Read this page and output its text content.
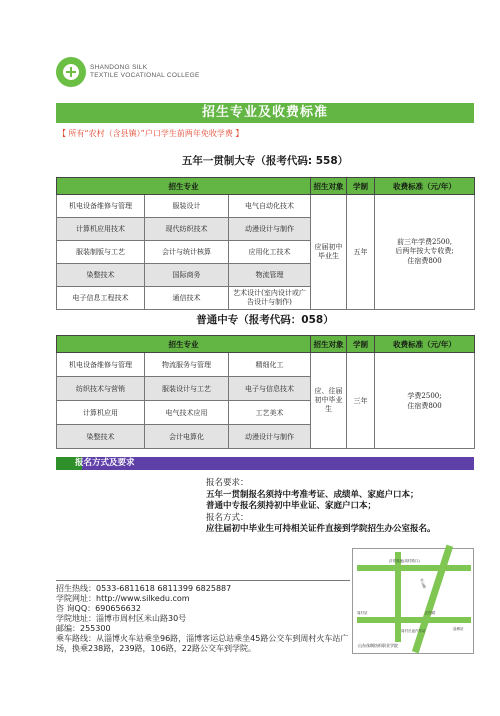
SHANDONG SILK
TEXTILE VOCATIONAL COLLEGE
招生专业及收费标准
【 所有“农村（含县镇）”户口学生前两年免收学费 】
五年一贯制大专（报考代码: 558）
招生专业			招生对象	学制	收费标准（元/年）
机电设备维修与管理	服装设计	电气自动化技术	应届初中毕业生	五年	前三年学费2500,
后两年按大专收费;
住宿费800

计算机应用技术	现代纺织技术	动漫设计与制作			
服装制版与工艺	会计与统计核算	应用化工技术			
染整技术	国际商务	物流管理			
电子信息工程技术	通信技术	艺术设计(室内设计或广告设计与制作)			
普通中专（报考代码：058）
招生专业			招生对象	学制	收费标准（元/年）
机电设备维修与管理	物流服务与管理	精细化工	应、往届初中毕业生	三年	学费2500;
住宿费800

纺织技术与营销	服装设计与工艺	电子与信息技术			
计算机应用	电气技术应用	工艺美术			
染整技术	会计电算化	动漫设计与制作			
报名方式及要求
报名要求：
五年一贯制报名须持中考准考证、成绩单、家庭户口本；
普通中专报名须持初中毕业证、家庭户口本；
报名方式：
应往届初中毕业生可持相关证件直接到学院招生办公室报名。
济青高速(周村路口)
米山路
正阳路
周村站
周村长途汽车站	淄博站
山东丝绸纺织职业学院
招生热线：0533-6811618 6811399 6825887
学院网址：http://www.silkedu.com
咨 询QQ：690656632
学院地址：淄博市周村区米山路30号
邮编：255300
乘车路线：从淄博火车站乘坐96路，淄博客运总站乘坐45路公交车到周村火车站广场，换乘238路，239路，106路，22路公交车到学院。
